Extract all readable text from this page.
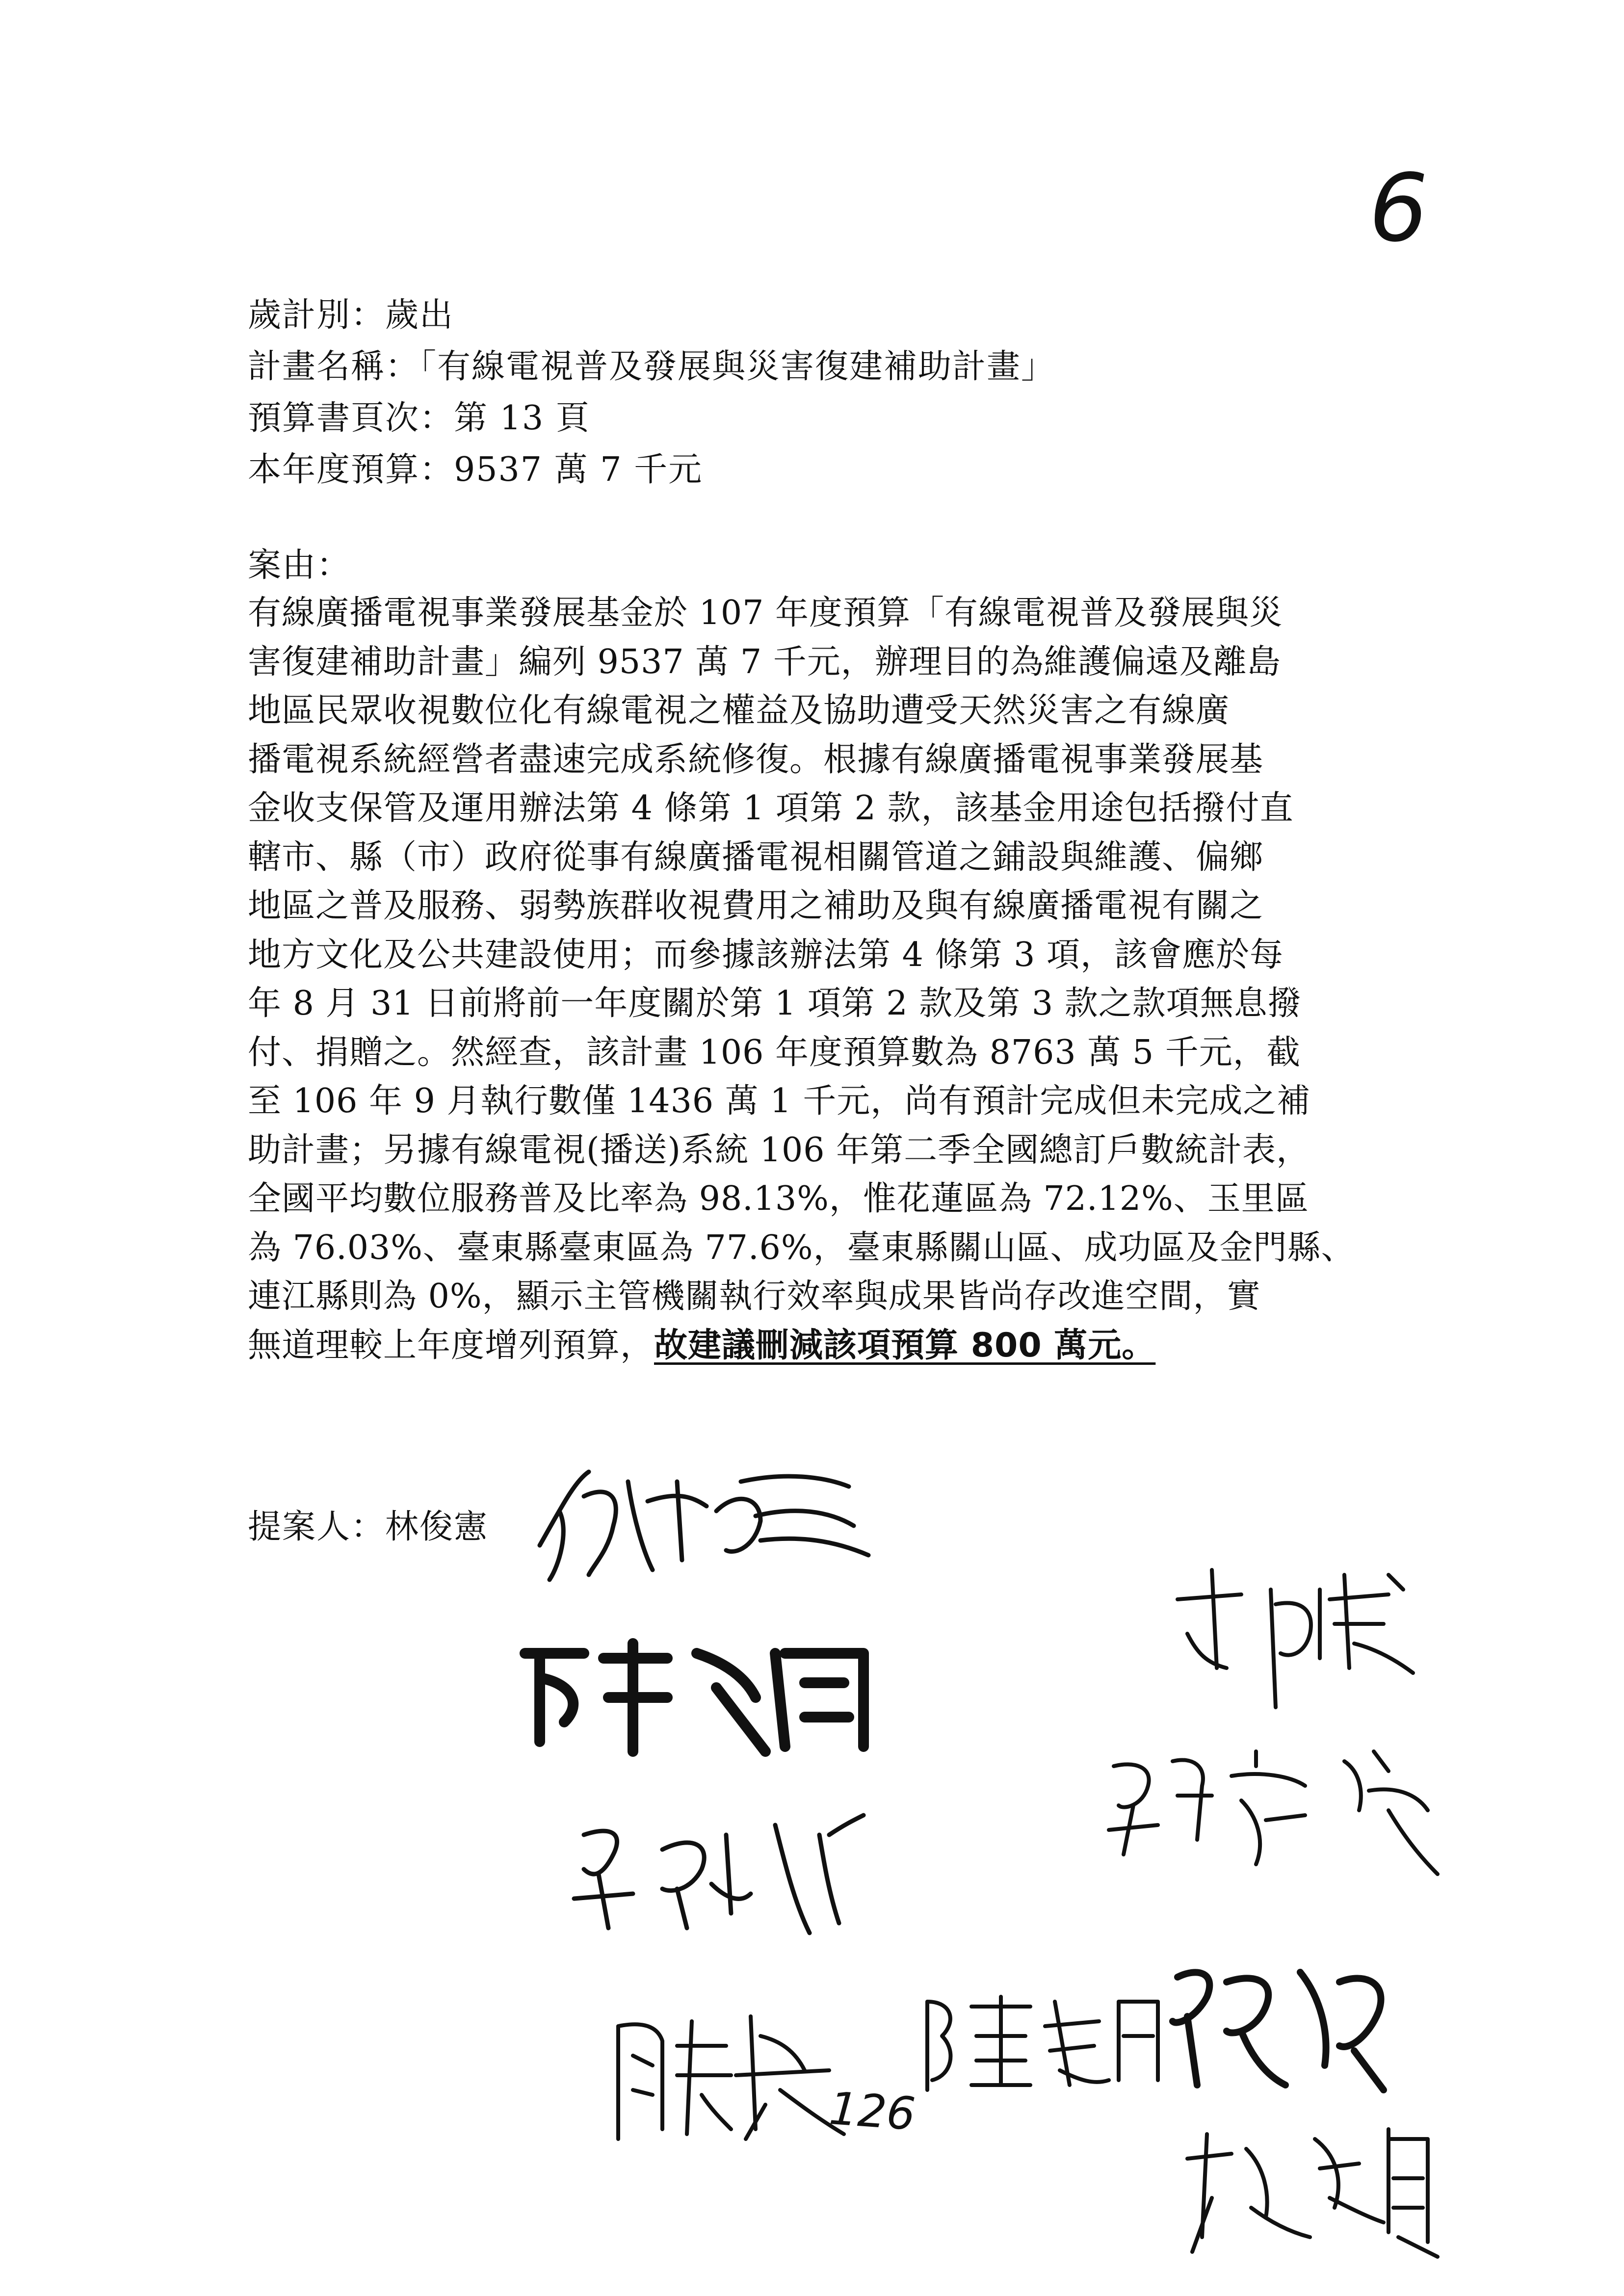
6
歲計別：歲出
計畫名稱：「有線電視普及發展與災害復建補助計畫」
預算書頁次：第 13 頁
本年度預算：9537 萬 7 千元
案由：
有線廣播電視事業發展基金於 107 年度預算「有線電視普及發展與災
害復建補助計畫」編列 9537 萬 7 千元，辦理目的為維護偏遠及離島
地區民眾收視數位化有線電視之權益及協助遭受天然災害之有線廣
播電視系統經營者盡速完成系統修復。根據有線廣播電視事業發展基
金收支保管及運用辦法第 4 條第 1 項第 2 款，該基金用途包括撥付直
轄市、縣（市）政府從事有線廣播電視相關管道之鋪設與維護、偏鄉
地區之普及服務、弱勢族群收視費用之補助及與有線廣播電視有關之
地方文化及公共建設使用；而參據該辦法第 4 條第 3 項，該會應於每
年 8 月 31 日前將前一年度關於第 1 項第 2 款及第 3 款之款項無息撥
付、捐贈之。然經查，該計畫 106 年度預算數為 8763 萬 5 千元，截
至 106 年 9 月執行數僅 1436 萬 1 千元，尚有預計完成但未完成之補
助計畫；另據有線電視(播送)系統 106 年第二季全國總訂戶數統計表，
全國平均數位服務普及比率為 98.13%，惟花蓮區為 72.12%、玉里區
為 76.03%、臺東縣臺東區為 77.6%，臺東縣關山區、成功區及金門縣、
連江縣則為 0%，顯示主管機關執行效率與成果皆尚存改進空間，實
無道理較上年度增列預算，故建議刪減該項預算 800 萬元。
提案人：林俊憲
126
